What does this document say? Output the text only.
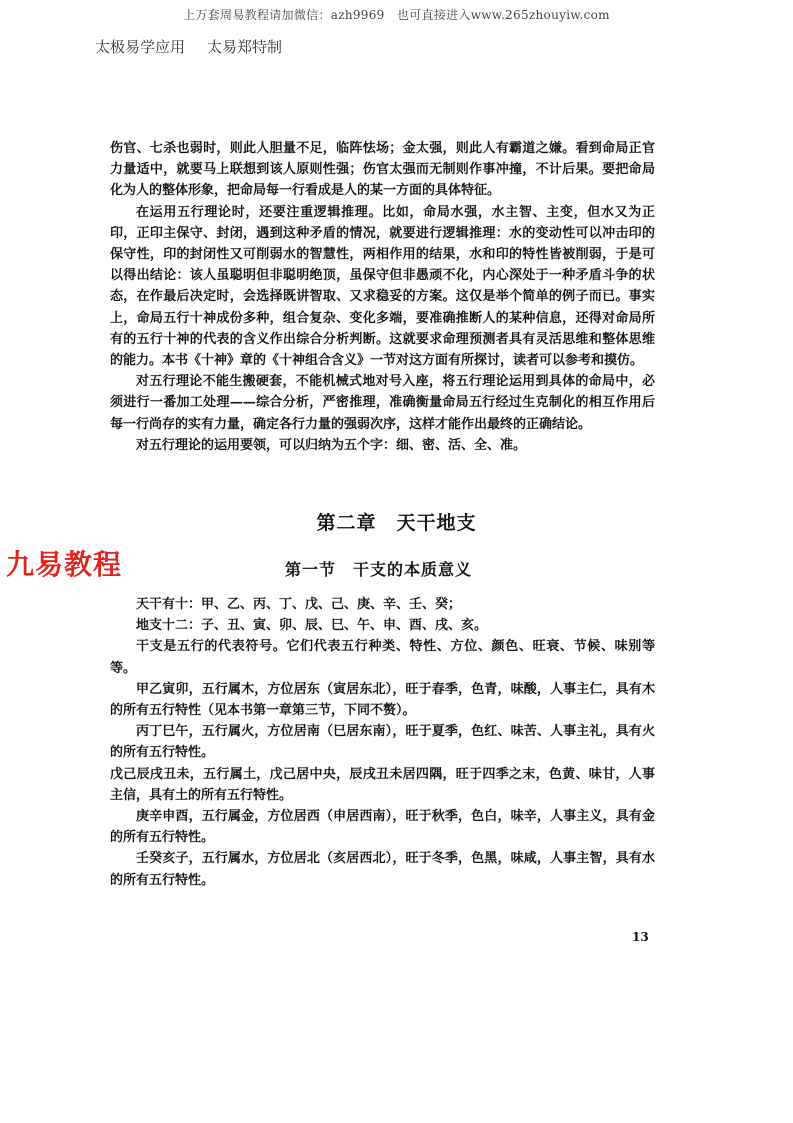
上万套周易教程请加微信：azh9969　也可直接进入www.265zhouyiw.com
太极易学应用 太易郑特制

伤官、七杀也弱时，则此人胆量不足，临阵怯场；金太强，则此人有霸道之嫌。看到命局正官力量适中，就要马上联想到该人原则性强；伤官太强而无制则作事冲撞，不计后果。要把命局化为人的整体形象，把命局每一行看成是人的某一方面的具体特征。

在运用五行理论时，还要注重逻辑推理。比如，命局水强，水主智、主变，但水又为正印，正印主保守、封闭，遇到这种矛盾的情况，就要进行逻辑推理：水的变动性可以冲击印的保守性，印的封闭性又可削弱水的智慧性，两相作用的结果，水和印的特性皆被削弱，于是可以得出结论：该人虽聪明但非聪明绝顶，虽保守但非愚顽不化，内心深处于一种矛盾斗争的状态，在作最后决定时，会选择既讲智取、又求稳妥的方案。这仅是举个简单的例子而已。事实上，命局五行十神成份多种，组合复杂、变化多端，要准确推断人的某种信息，还得对命局所有的五行十神的代表的含义作出综合分析判断。这就要求命理预测者具有灵活思维和整体思维的能力。本书《十神》章的《十神组合含义》一节对这方面有所探讨，读者可以参考和摸仿。

对五行理论不能生搬硬套，不能机械式地对号入座，将五行理论运用到具体的命局中，必须进行一番加工处理——综合分析，严密推理，准确衡量命局五行经过生克制化的相互作用后每一行尚存的实有力量，确定各行力量的强弱次序，这样才能作出最终的正确结论。

对五行理论的运用要领，可以归纳为五个字：细、密、活、全、准。

第二章　天干地支
九易教程	第一节　干支的本质意义

天干有十：甲、乙、丙、丁、戊、己、庚、辛、壬、癸；

地支十二：子、丑、寅、卯、辰、巳、午、申、酉、戌、亥。

干支是五行的代表符号。它们代表五行种类、特性、方位、颜色、旺衰、节候、味别等等。

甲乙寅卯，五行属木，方位居东（寅居东北），旺于春季，色青，味酸，人事主仁，具有木的所有五行特性（见本书第一章第三节，下同不赘）。

丙丁巳午，五行属火，方位居南（巳居东南），旺于夏季，色红、味苦、人事主礼，具有火的所有五行特性。

戊己辰戌丑未，五行属土，戊己居中央，辰戌丑未居四隅，旺于四季之末，色黄、味甘，人事主信，具有土的所有五行特性。

庚辛申酉，五行属金，方位居西（申居西南），旺于秋季，色白，味辛，人事主义，具有金的所有五行特性。

壬癸亥子，五行属水，方位居北（亥居西北），旺于冬季，色黑，味咸，人事主智，具有水的所有五行特性。

13
